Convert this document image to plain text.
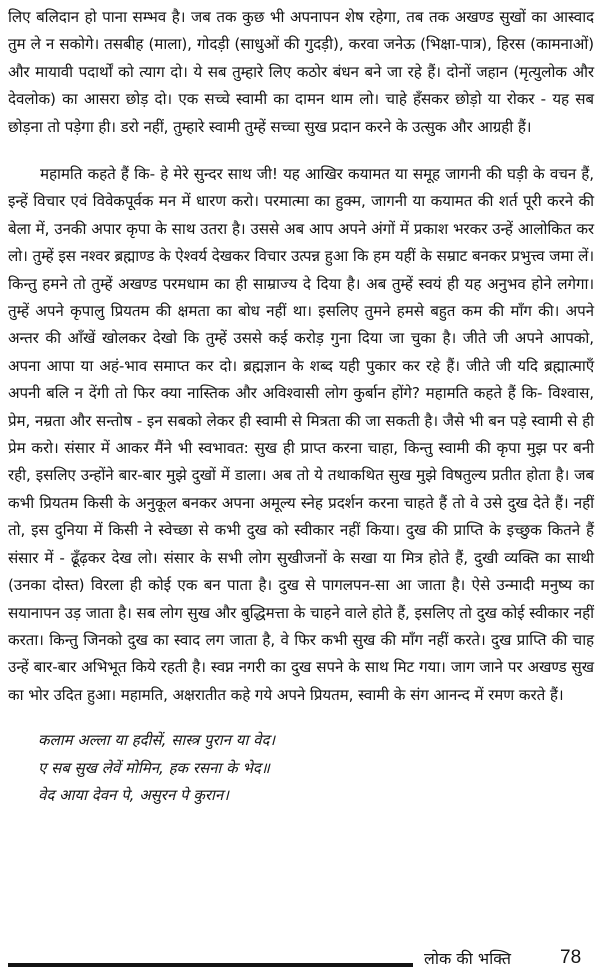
लिए बलिदान हो पाना सम्भव है। जब तक कुछ भी अपनापन शेष रहेगा, तब तक अखण्ड सुखों का आस्वाद तुम ले न सकोगे। तसबीह (माला), गोदड़ी (साधुओं की गुदड़ी), करवा जनेऊ (भिक्षा-पात्र), हिरस (कामनाओं) और मायावी पदार्थों को त्याग दो। ये सब तुम्हारे लिए कठोर बंधन बने जा रहे हैं। दोनों जहान (मृत्युलोक और देवलोक) का आसरा छोड़ दो। एक सच्चे स्वामी का दामन थाम लो। चाहे हँसकर छोड़ो या रोकर - यह सब छोड़ना तो पड़ेगा ही। डरो नहीं, तुम्हारे स्वामी तुम्हें सच्चा सुख प्रदान करने के उत्सुक और आग्रही हैं।

महामति कहते हैं कि- हे मेरे सुन्दर साथ जी! यह आखिर कयामत या समूह जागनी की घड़ी के वचन हैं, इन्हें विचार एवं विवेकपूर्वक मन में धारण करो। परमात्मा का हुक्म, जागनी या कयामत की शर्त पूरी करने की बेला में, उनकी अपार कृपा के साथ उतरा है। उससे अब आप अपने अंगों में प्रकाश भरकर उन्हें आलोकित कर लो। तुम्हें इस नश्वर ब्रह्माण्ड के ऐश्वर्य देखकर विचार उत्पन्न हुआ कि हम यहीं के सम्राट बनकर प्रभुत्त्व जमा लें। किन्तु हमने तो तुम्हें अखण्ड परमधाम का ही साम्राज्य दे दिया है। अब तुम्हें स्वयं ही यह अनुभव होने लगेगा। तुम्हें अपने कृपालु प्रियतम की क्षमता का बोध नहीं था। इसलिए तुमने हमसे बहुत कम की माँग की। अपने अन्तर की आँखें खोलकर देखो कि तुम्हें उससे कई करोड़ गुना दिया जा चुका है। जीते जी अपने आपको, अपना आपा या अहं-भाव समाप्त कर दो। ब्रह्मज्ञान के शब्द यही पुकार कर रहे हैं। जीते जी यदि ब्रह्मात्माएँ अपनी बलि न देंगी तो फिर क्या नास्तिक और अविश्वासी लोग कुर्बान होंगे? महामति कहते हैं कि- विश्वास, प्रेम, नम्रता और सन्तोष - इन सबको लेकर ही स्वामी से मित्रता की जा सकती है। जैसे भी बन पड़े स्वामी से ही प्रेम करो। संसार में आकर मैंने भी स्वभावत: सुख ही प्राप्त करना चाहा, किन्तु स्वामी की कृपा मुझ पर बनी रही, इसलिए उन्होंने बार-बार मुझे दुखों में डाला। अब तो ये तथाकथित सुख मुझे विषतुल्य प्रतीत होता है। जब कभी प्रियतम किसी के अनुकूल बनकर अपना अमूल्य स्नेह प्रदर्शन करना चाहते हैं तो वे उसे दुख देते हैं। नहीं तो, इस दुनिया में किसी ने स्वेच्छा से कभी दुख को स्वीकार नहीं किया। दुख की प्राप्ति के इच्छुक कितने हैं संसार में - ढूँढ़कर देख लो। संसार के सभी लोग सुखीजनों के सखा या मित्र होते हैं, दुखी व्यक्ति का साथी (उनका दोस्त) विरला ही कोई एक बन पाता है। दुख से पागलपन-सा आ जाता है। ऐसे उन्मादी मनुष्य का सयानापन उड़ जाता है। सब लोग सुख और बुद्धिमत्ता के चाहने वाले होते हैं, इसलिए तो दुख कोई स्वीकार नहीं करता। किन्तु जिनको दुख का स्वाद लग जाता है, वे फिर कभी सुख की माँग नहीं करते। दुख प्राप्ति की चाह उन्हें बार-बार अभिभूत किये रहती है। स्वप्न नगरी का दुख सपने के साथ मिट गया। जाग जाने पर अखण्ड सुख का भोर उदित हुआ। महामति, अक्षरातीत कहे गये अपने प्रियतम, स्वामी के संग आनन्द में रमण करते हैं।

कलाम अल्ला या हदीसें, सास्त्र पुरान या वेद।
ए सब सुख लेवें मोमिन, हक रसना के भेद॥
वेद आया देवन पे, असुरन पे कुरान।
लोक की भक्ति	78
